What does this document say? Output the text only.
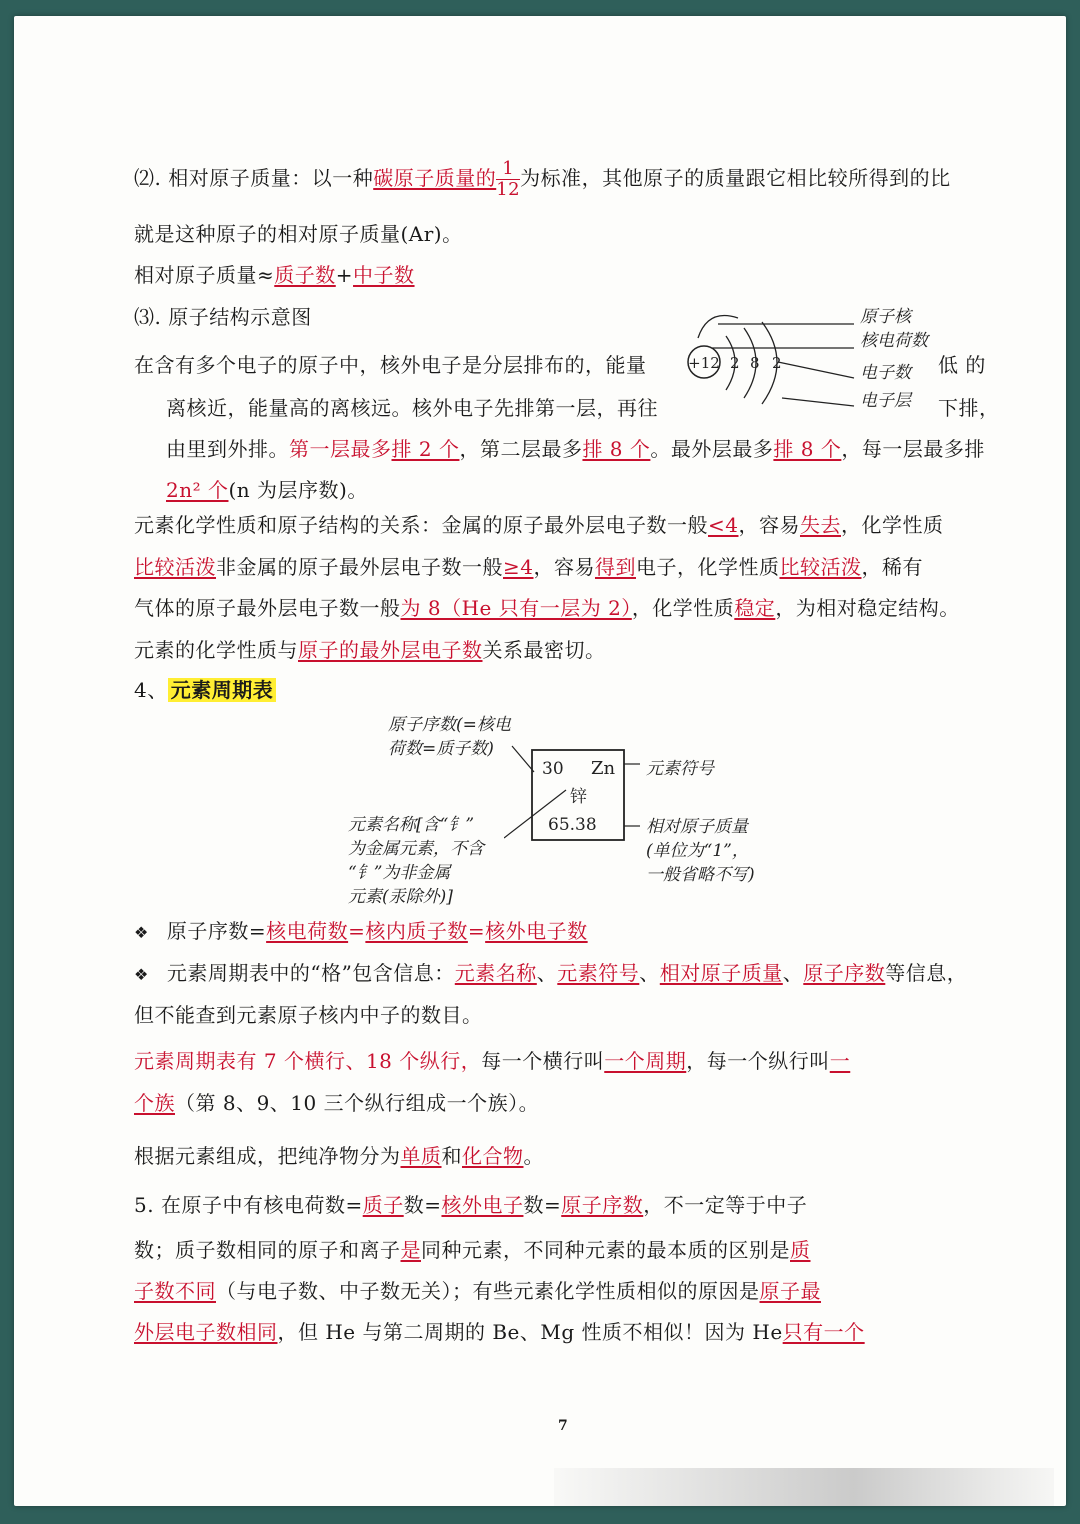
⑵. 相对原子质量：以一种碳原子质量的 $\frac{1}{12}$ 为标准，其他原子的质量跟它相比较所得到的比
就是这种原子的相对原子质量(Ar)。
相对原子质量≈质子数+中子数
⑶. 原子结构示意图
在含有多个电子的原子中，核外电子是分层排布的，能量	低 的
离核近，能量高的离核远。核外电子先排第一层，再往	下排，
由里到外排。第一层最多排 2 个，第二层最多排 8 个。最外层最多排 8 个，每一层最多排
2n² 个(n 为层序数)。
+12 2 8 2
原子核
核电荷数
电子数
电子层
元素化学性质和原子结构的关系：金属的原子最外层电子数一般<4，容易失去，化学性质
比较活泼非金属的原子最外层电子数一般≥4，容易得到电子，化学性质比较活泼，稀有
气体的原子最外层电子数一般为 8（He 只有一层为 2），化学性质稳定，为相对稳定结构。
元素的化学性质与原子的最外层电子数关系最密切。
4、 元素周期表
原子序数(=核电
荷数=质子数)
30 Zn
锌
65.38
元素符号
元素名称[含“钅”
为金属元素，不含
“钅”为非金属
元素(汞除外)]
相对原子质量
(单位为“1”，
一般省略不写)
❖ 原子序数=核电荷数=核内质子数=核外电子数
❖ 元素周期表中的“格”包含信息：元素名称、元素符号、相对原子质量、原子序数等信息，
但不能查到元素原子核内中子的数目。
元素周期表有 7 个横行、18 个纵行，每一个横行叫一个周期，每一个纵行叫一
个族（第 8、9、10 三个纵行组成一个族）。
根据元素组成，把纯净物分为单质和化合物。
5. 在原子中有核电荷数=质子数=核外电子数=原子序数，不一定等于中子
数；质子数相同的原子和离子是同种元素，不同种元素的最本质的区别是质
子数不同（与电子数、中子数无关）；有些元素化学性质相似的原因是原子最
外层电子数相同，但 He 与第二周期的 Be、Mg 性质不相似！因为 He只有一个
7
